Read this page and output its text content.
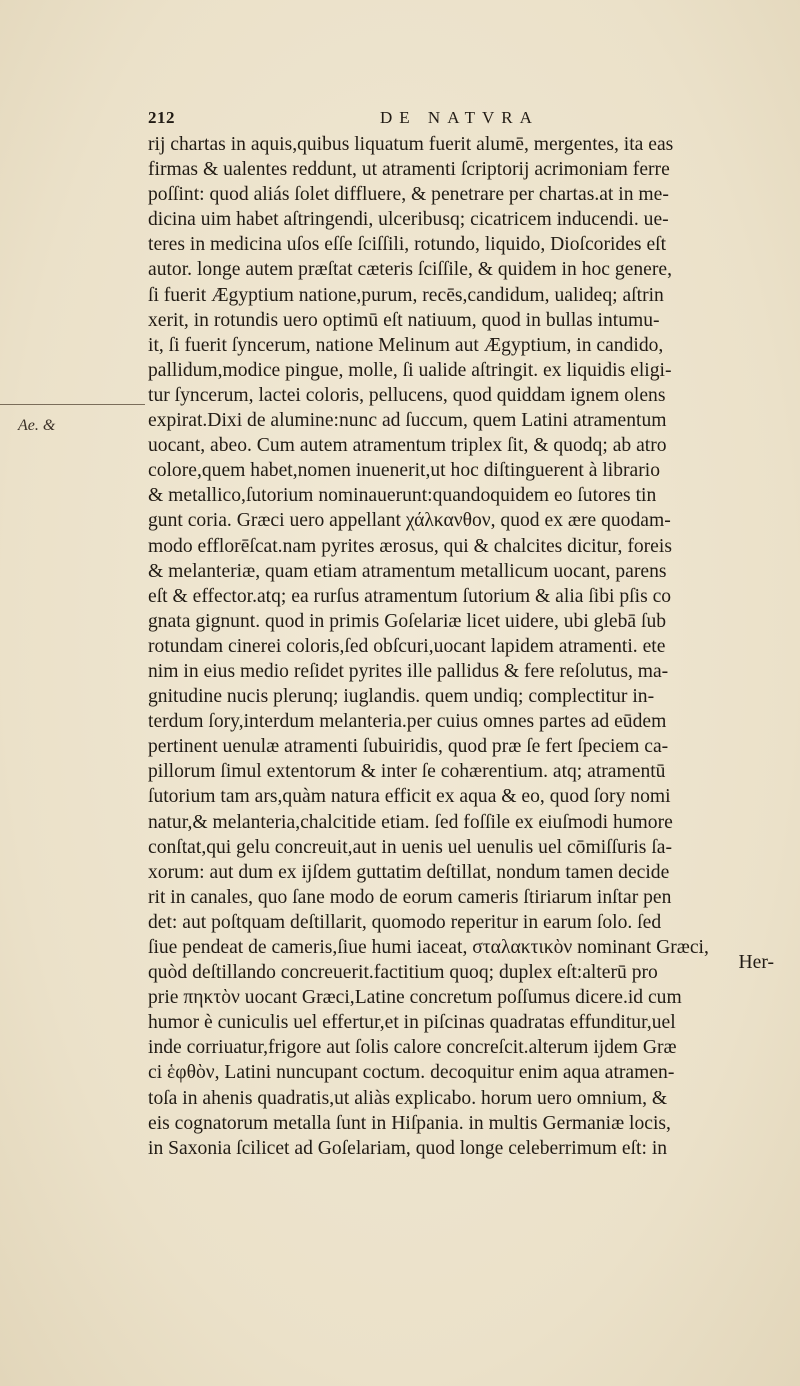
212	DE NATVRA
Ae. &
rij chartas in aquis,quibus liquatum fuerit alumē, mergentes, ita eas
firmas & ualentes reddunt, ut atramenti ſcriptorij acrimoniam ferre
poſſint: quod aliás ſolet diffluere, & penetrare per chartas.at in me-
dicina uim habet aſtringendi, ulceribusq; cicatricem inducendi. ue-
teres in medicina uſos eſſe ſciſſili, rotundo, liquido, Dioſcorides eſt
autor. longe autem præſtat cæteris ſciſſile, & quidem in hoc genere,
ſi fuerit Ægyptium natione,purum, recēs,candidum, ualideq; aſtrin
xerit, in rotundis uero optimū eſt natiuum, quod in bullas intumu-
it, ſi fuerit ſyncerum, natione Melinum aut Ægyptium, in candido,
pallidum,modice pingue, molle, ſi ualide aſtringit. ex liquidis eligi-
tur ſyncerum, lactei coloris, pellucens, quod quiddam ignem olens
expirat.Dixi de alumine:nunc ad ſuccum, quem Latini atramentum
uocant, abeo. Cum autem atramentum triplex ſit, & quodq; ab atro
colore,quem habet,nomen inuenerit,ut hoc diſtinguerent à librario
& metallico,ſutorium nominauerunt:quandoquidem eo ſutores tin
gunt coria. Græci uero appellant χάλκανθον, quod ex ære quodam-
modo efflorēſcat.nam pyrites ærosus, qui & chalcites dicitur, foreis
& melanteriæ, quam etiam atramentum metallicum uocant, parens
eſt & effector.atq; ea rurſus atramentum ſutorium & alia ſibi pſis co
gnata gignunt. quod in primis Goſelariæ licet uidere, ubi glebā ſub
rotundam cinerei coloris,ſed obſcuri,uocant lapidem atramenti. ete
nim in eius medio reſidet pyrites ille pallidus & fere reſolutus, ma-
gnitudine nucis plerunq; iuglandis. quem undiq; complectitur in-
terdum ſory,interdum melanteria.per cuius omnes partes ad eūdem
pertinent uenulæ atramenti ſubuiridis, quod præ ſe fert ſpeciem ca-
pillorum ſimul extentorum & inter ſe cohærentium. atq; atramentū
ſutorium tam ars,quàm natura efficit ex aqua & eo, quod ſory nomi
natur,& melanteria,chalcitide etiam. ſed foſſile ex eiuſmodi humore
conſtat,qui gelu concreuit,aut in uenis uel uenulis uel cōmiſſuris ſa-
xorum: aut dum ex ijſdem guttatim deſtillat, nondum tamen decide
rit in canales, quo ſane modo de eorum cameris ſtiriarum inſtar pen
det: aut poſtquam deſtillarit, quomodo reperitur in earum ſolo. ſed
ſiue pendeat de cameris,ſiue humi iaceat, σταλακτικὸν nominant Græci,
quòd deſtillando concreuerit.factitium quoq; duplex eſt:alterū pro
prie πηκτὸν uocant Græci,Latine concretum poſſumus dicere.id cum
humor è cuniculis uel effertur,et in piſcinas quadratas effunditur,uel
inde corriuatur,frigore aut ſolis calore concreſcit.alterum ijdem Græ
ci ἑφθὸν, Latini nuncupant coctum. decoquitur enim aqua atramen-
toſa in ahenis quadratis,ut aliàs explicabo. horum uero omnium, &
eis cognatorum metalla ſunt in Hiſpania. in multis Germaniæ locis,
in Saxonia ſcilicet ad Goſelariam, quod longe celeberrimum eſt: in
Her-
